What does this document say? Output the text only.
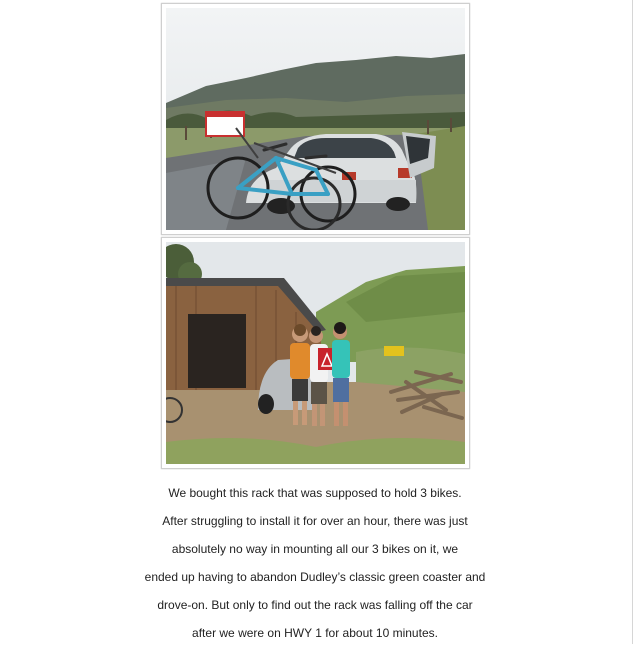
We bought this rack that was supposed to hold 3 bikes.

After struggling to install it for over an hour, there was just

absolutely no way in mounting all our 3 bikes on it, we

ended up having to abandon Dudley’s classic green coaster and

drove-on. But only to find out the rack was falling off the car

after we were on HWY 1 for about 10 minutes.
